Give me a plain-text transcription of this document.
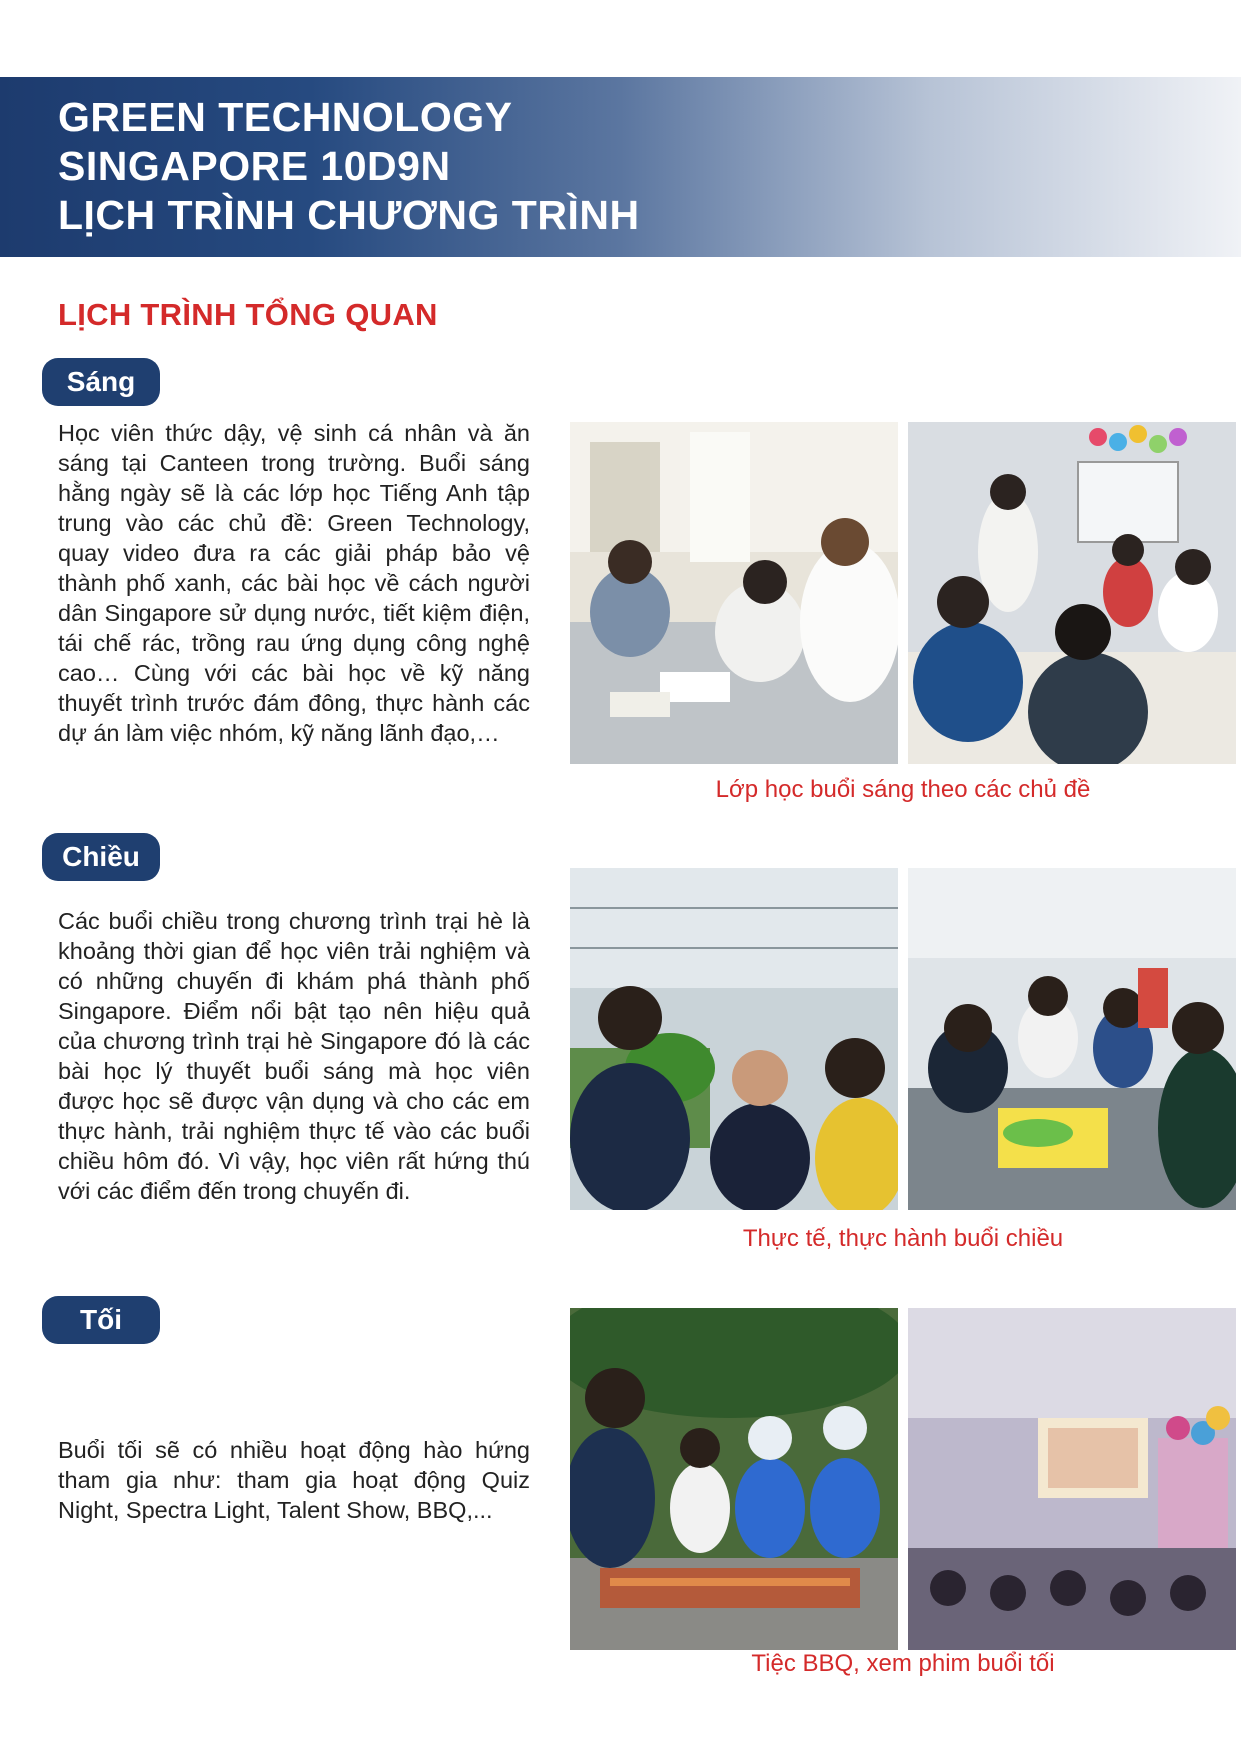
GREEN TECHNOLOGY
SINGAPORE 10D9N
LỊCH TRÌNH CHƯƠNG TRÌNH
LỊCH TRÌNH TỔNG QUAN
Sáng
Học viên thức dậy, vệ sinh cá nhân và ăn sáng tại Canteen trong trường. Buổi sáng hằng ngày sẽ là các lớp học Tiếng Anh tập trung vào các chủ đề: Green Technology, quay video đưa ra các giải pháp bảo vệ thành phố xanh, các bài học về cách người dân Singapore sử dụng nước, tiết kiệm điện, tái chế rác, trồng rau ứng dụng công nghệ cao… Cùng với các bài học về kỹ năng thuyết trình trước đám đông, thực hành các dự án làm việc nhóm, kỹ năng lãnh đạo,…
Lớp học buổi sáng theo các chủ đề
Chiều
Các buổi chiều trong chương trình trại hè là khoảng thời gian để học viên trải nghiệm và có những chuyến đi khám phá thành phố Singapore. Điểm nổi bật tạo nên hiệu quả của chương trình trại hè Singapore đó là các bài học lý thuyết buổi sáng mà học viên được học sẽ được vận dụng và cho các em thực hành, trải nghiệm thực tế vào các buổi chiều hôm đó. Vì vậy, học viên rất hứng thú với các điểm đến trong chuyến đi.
Thực tế, thực hành buổi chiều
Tối
Buổi tối sẽ có nhiều hoạt động hào hứng tham gia như: tham gia hoạt động Quiz Night, Spectra Light, Talent Show, BBQ,...
Tiệc BBQ, xem phim buổi tối
